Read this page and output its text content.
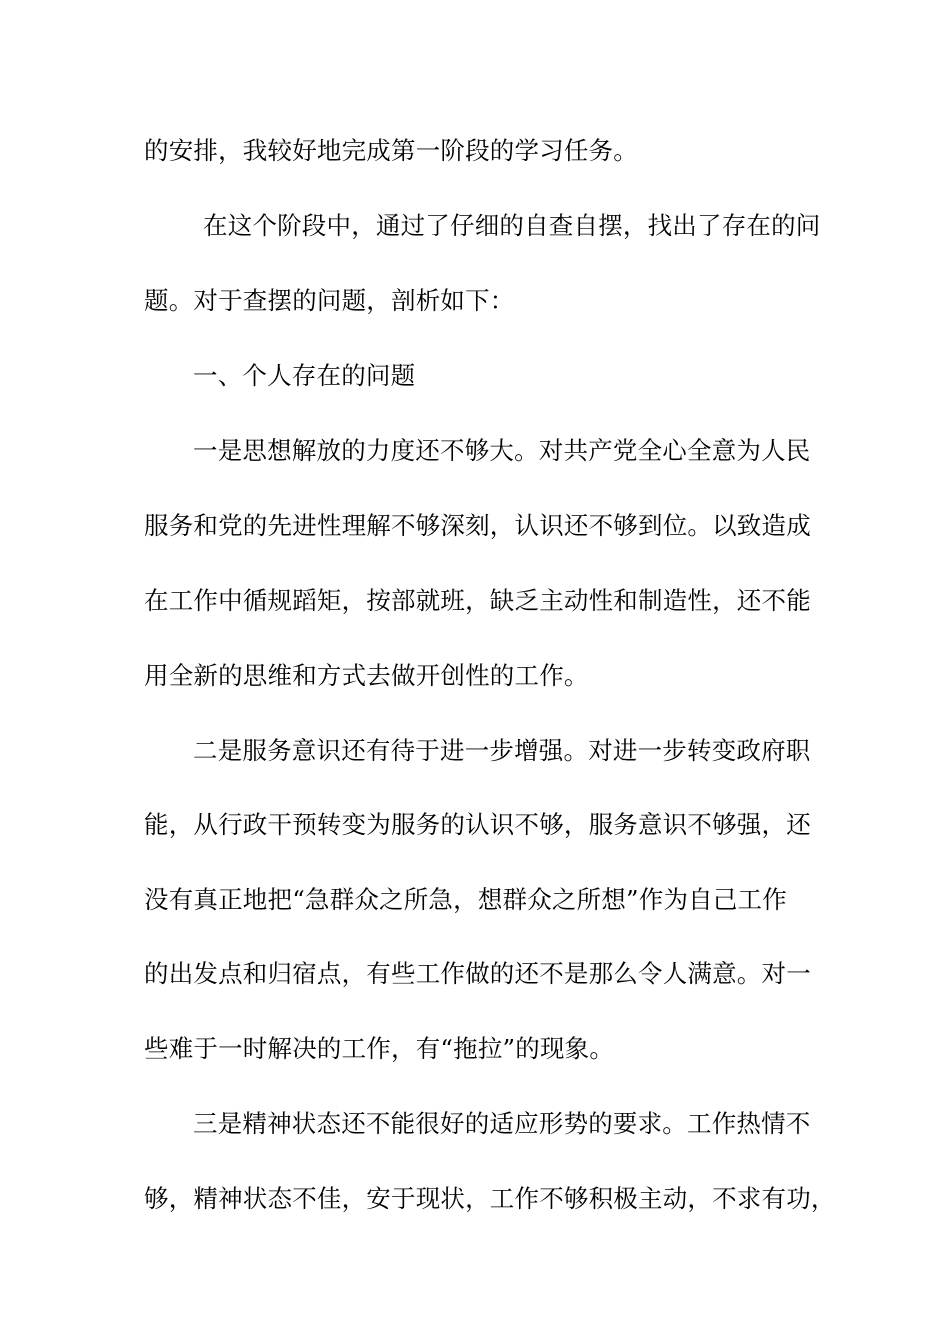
的安排，我较好地完成第一阶段的学习任务。
在这个阶段中，通过了仔细的自查自摆，找出了存在的问
题。对于查摆的问题，剖析如下：
一、个人存在的问题
一是思想解放的力度还不够大。对共产党全心全意为人民
服务和党的先进性理解不够深刻，认识还不够到位。以致造成
在工作中循规蹈矩，按部就班，缺乏主动性和制造性，还不能
用全新的思维和方式去做开创性的工作。
二是服务意识还有待于进一步增强。对进一步转变政府职
能，从行政干预转变为服务的认识不够，服务意识不够强，还
没有真正地把“急群众之所急，想群众之所想”作为自己工作
的出发点和归宿点，有些工作做的还不是那么令人满意。对一
些难于一时解决的工作，有“拖拉”的现象。
三是精神状态还不能很好的适应形势的要求。工作热情不
够，精神状态不佳，安于现状，工作不够积极主动，不求有功，
